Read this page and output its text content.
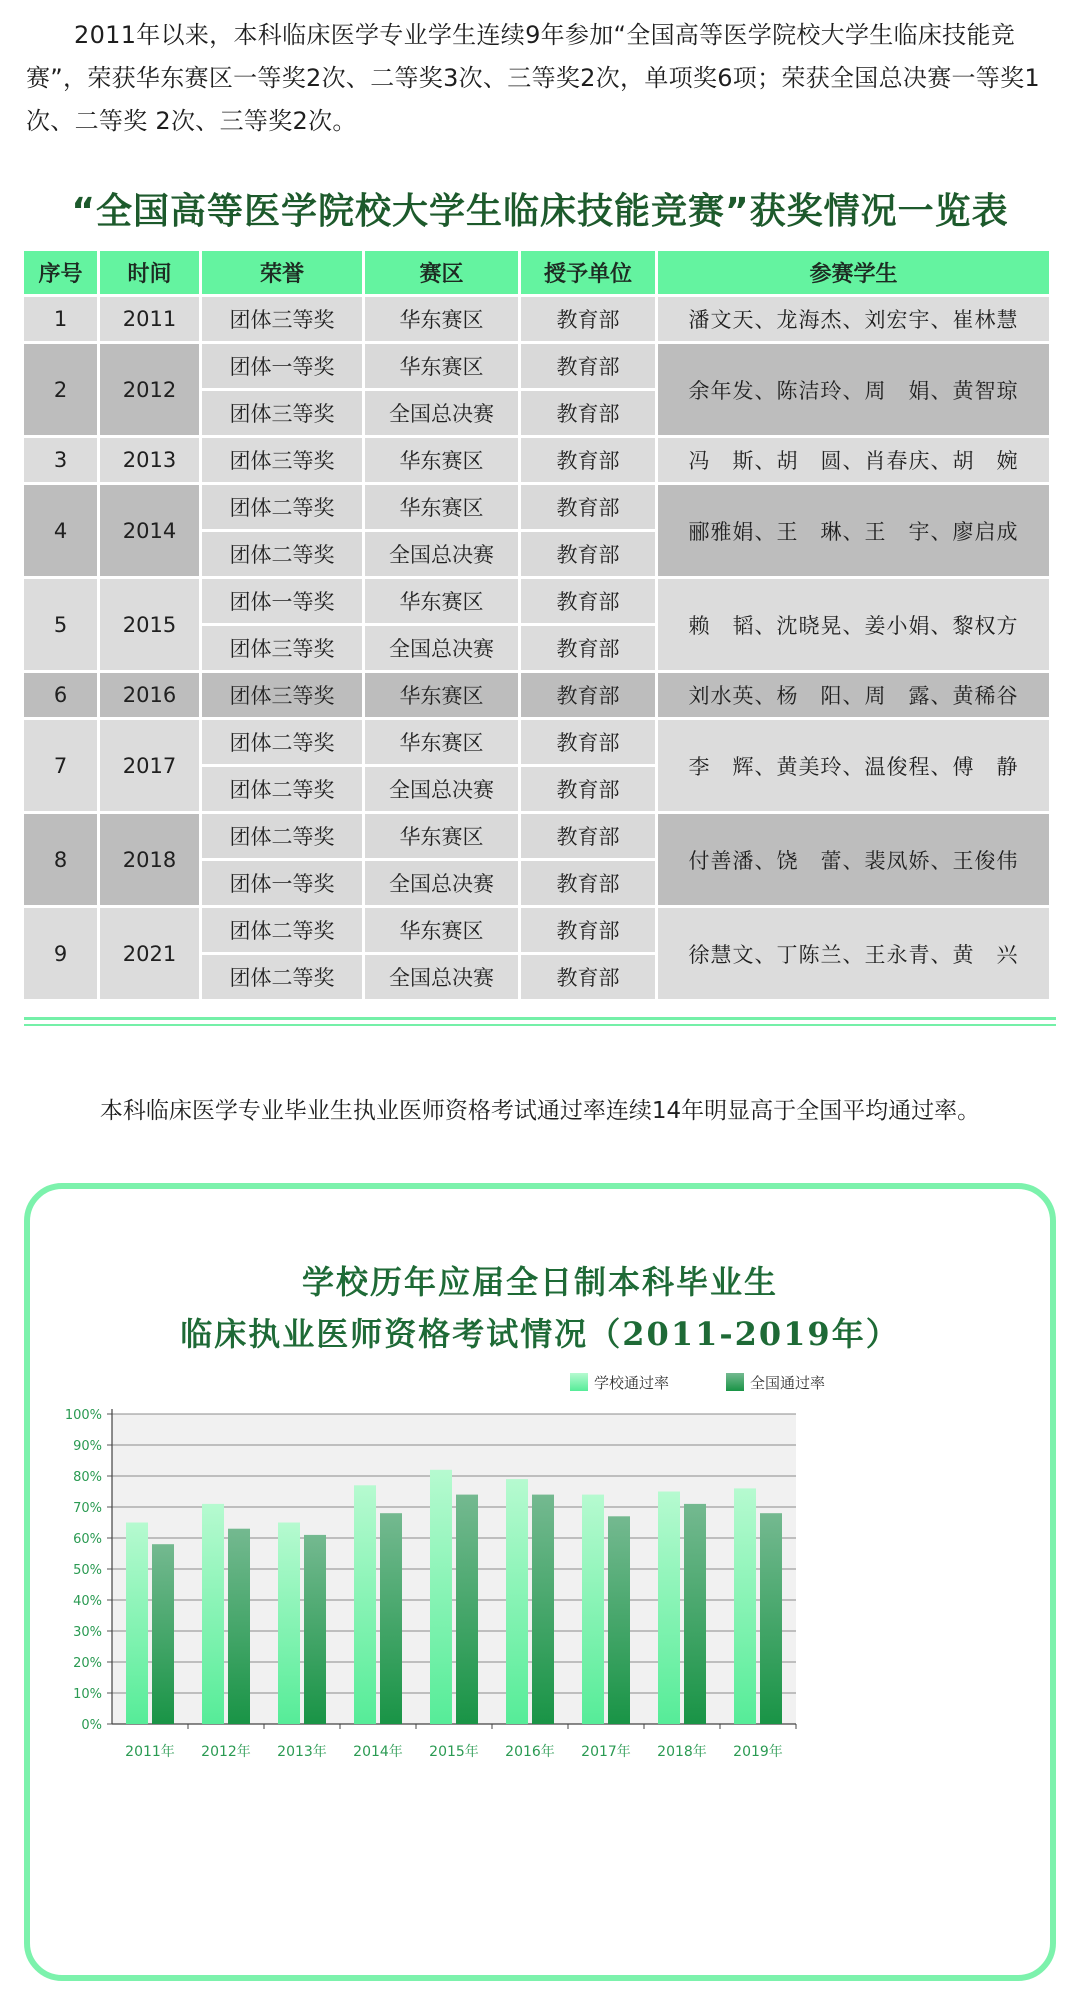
2011年以来，本科临床医学专业学生连续9年参加“全国高等医学院校大学生临床技能竞赛”，荣获华东赛区一等奖2次、二等奖3次、三等奖2次，单项奖6项；荣获全国总决赛一等奖1次、二等奖 2次、三等奖2次。

“全国高等医学院校大学生临床技能竞赛”获奖情况一览表
序号	时间	荣誉	赛区	授予单位	参赛学生
1	2011	团体三等奖	华东赛区	教育部	潘文天、龙海杰、刘宏宇、崔林慧
2	2012	团体一等奖	华东赛区	教育部	余年发、陈洁玲、周　娟、黄智琼
		团体三等奖	全国总决赛	教育部	
3	2013	团体三等奖	华东赛区	教育部	冯　斯、胡　圆、肖春庆、胡　婉
4	2014	团体二等奖	华东赛区	教育部	郦雅娟、王　琳、王　宇、廖启成
		团体二等奖	全国总决赛	教育部	
5	2015	团体一等奖	华东赛区	教育部	赖　韬、沈晓晃、姜小娟、黎权方
		团体三等奖	全国总决赛	教育部	
6	2016	团体三等奖	华东赛区	教育部	刘水英、杨　阳、周　露、黄稀谷
7	2017	团体二等奖	华东赛区	教育部	李　辉、黄美玲、温俊程、傅　静
		团体二等奖	全国总决赛	教育部	
8	2018	团体二等奖	华东赛区	教育部	付善潘、饶　蕾、裴凤娇、王俊伟
		团体一等奖	全国总决赛	教育部	
9	2021	团体二等奖	华东赛区	教育部	徐慧文、丁陈兰、王永青、黄　兴
		团体二等奖	全国总决赛	教育部	

本科临床医学专业毕业生执业医师资格考试通过率连续14年明显高于全国平均通过率。

学校历年应届全日制本科毕业生
临床执业医师资格考试情况（2011-2019年）
0%
10%
20%
30%
40%
50%
60%
70%
80%
90%
100%
2011年 2012年 2013年 2014年 2015年 2016年 2017年 2018年 2019年
学校通过率	全国通过率
